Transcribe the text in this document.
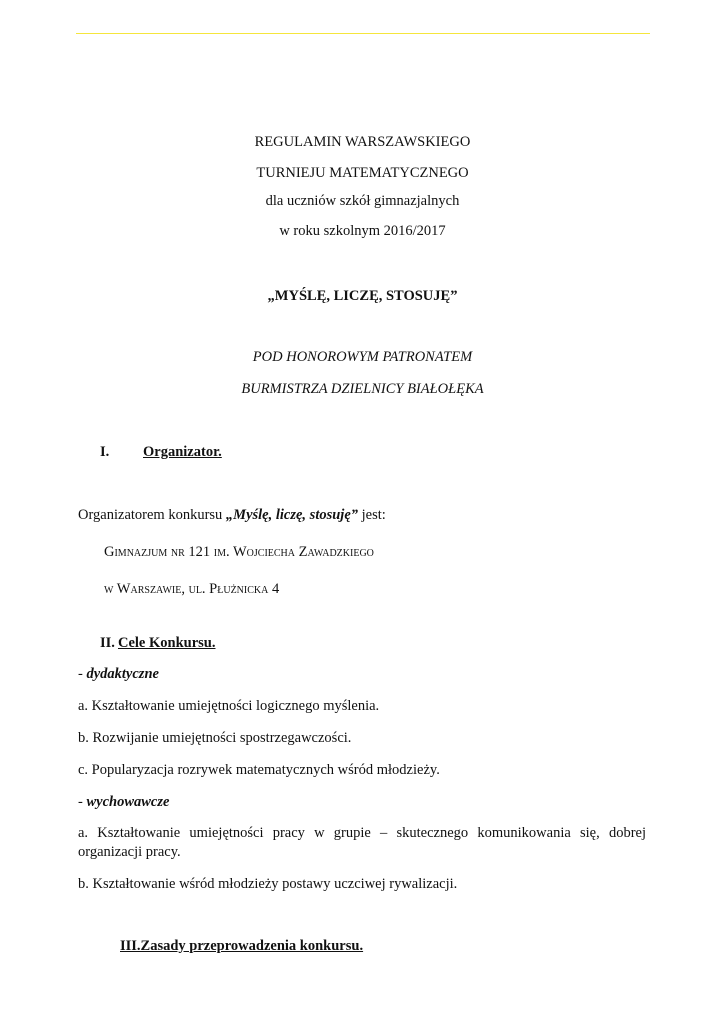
REGULAMIN WARSZAWSKIEGO
TURNIEJU MATEMATYCZNEGO
dla uczniów szkół gimnazjalnych
w roku szkolnym 2016/2017
„MYŚLĘ, LICZĘ, STOSUJĘ”
POD HONOROWYM PATRONATEM
BURMISTRZA DZIELNICY BIAŁOŁĘKA
I. Organizator.
Organizatorem konkursu „Myślę, liczę, stosuję” jest:
Gimnazjum nr 121 im. Wojciecha Zawadzkiego
w Warszawie, ul. Płużnicka 4
II. Cele Konkursu.
- dydaktyczne
a. Kształtowanie umiejętności logicznego myślenia.
b. Rozwijanie umiejętności spostrzegawczości.
c. Popularyzacja rozrywek matematycznych wśród młodzieży.
- wychowawcze
a. Kształtowanie umiejętności pracy w grupie – skutecznego komunikowania się, dobrej
organizacji pracy.
b. Kształtowanie wśród młodzieży postawy uczciwej rywalizacji.
III.Zasady przeprowadzenia konkursu.
